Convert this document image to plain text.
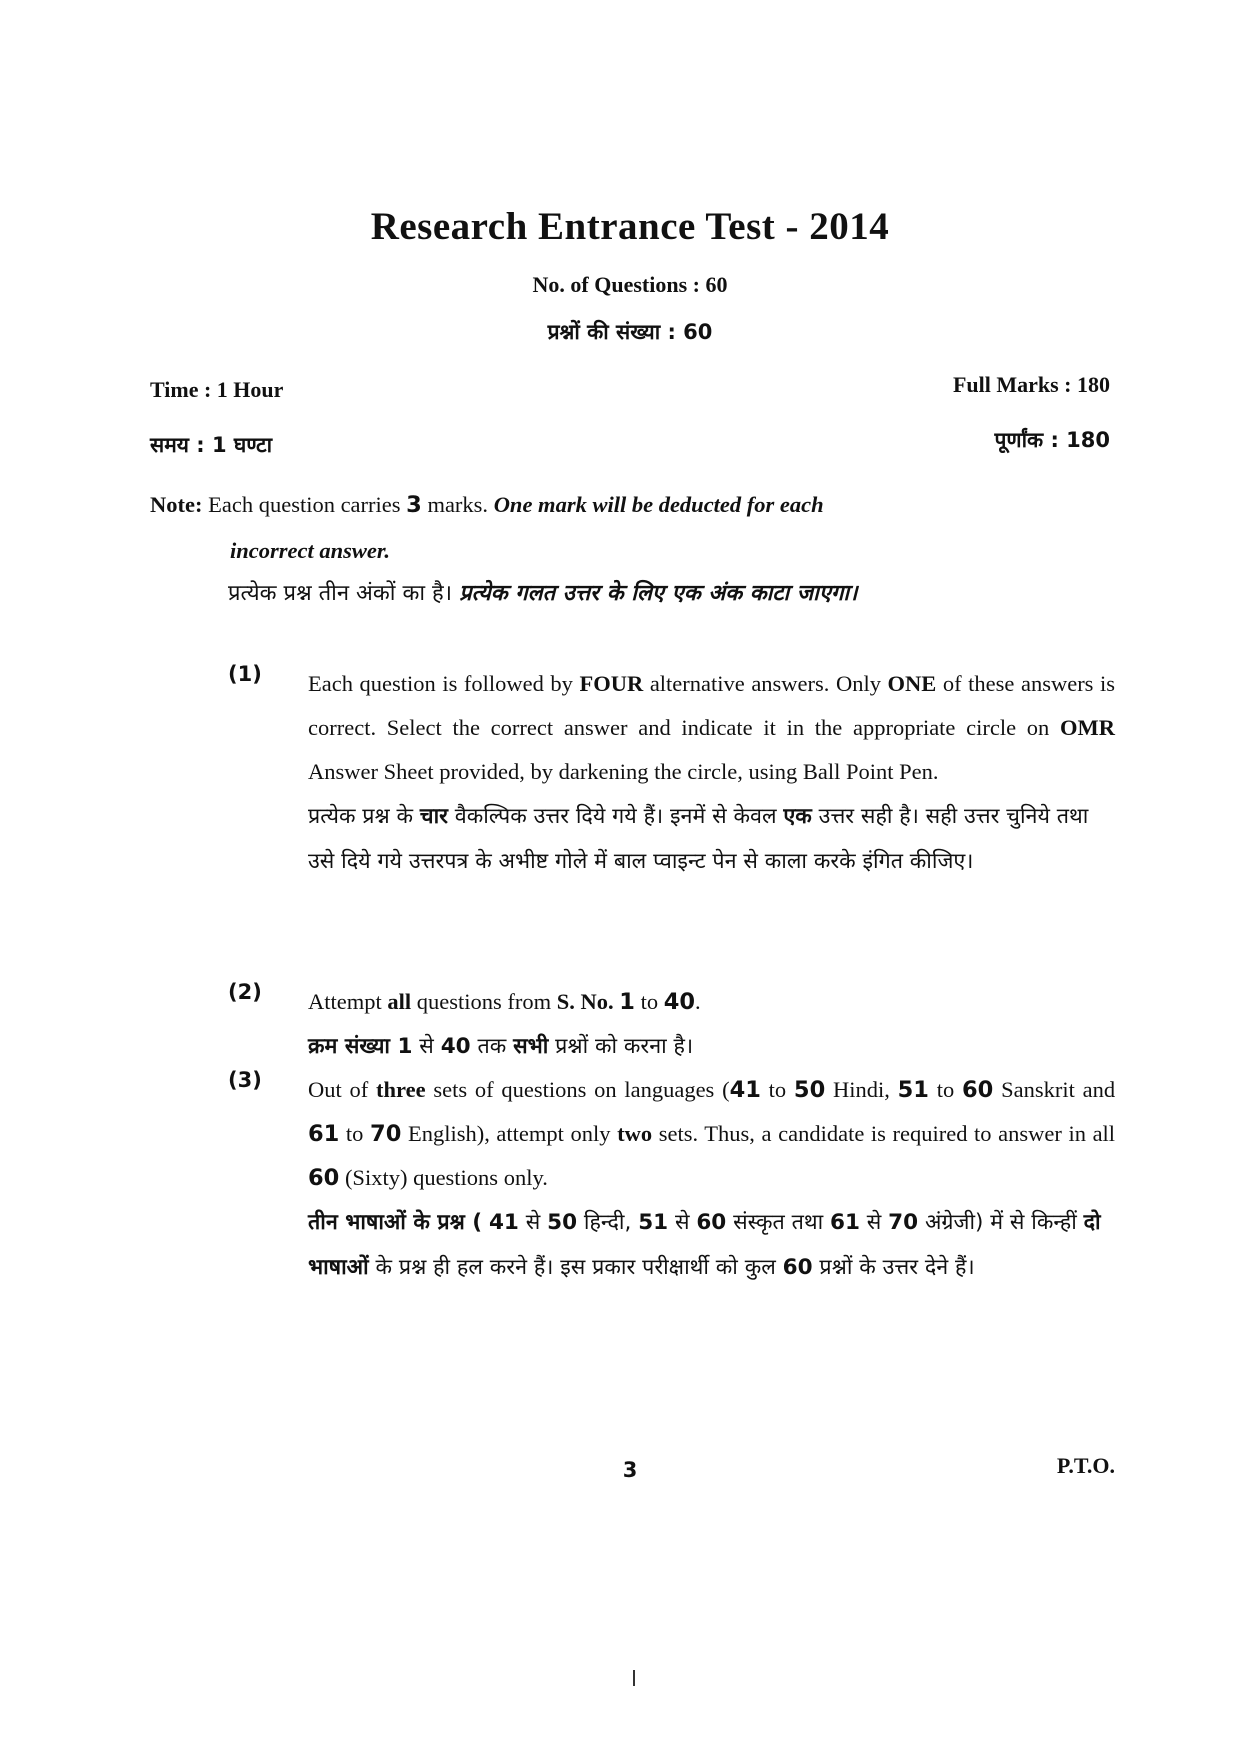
Research Entrance Test - 2014
No. of Questions : 60
प्रश्नों की संख्या : 60
Time : 1 Hour	Full Marks : 180
समय : 1 घण्टा	पूर्णांक : 180
Note: Each question carries 3 marks. One mark will be deducted for each
incorrect answer.
प्रत्येक प्रश्न तीन अंकों का है। प्रत्येक गलत उत्तर के लिए एक अंक काटा जाएगा।
(1) Each question is followed by FOUR alternative answers. Only ONE of these answers is correct. Select the correct answer and indicate it in the appropriate circle on OMR Answer Sheet provided, by darkening the circle, using Ball Point Pen.
प्रत्येक प्रश्न के चार वैकल्पिक उत्तर दिये गये हैं। इनमें से केवल एक उत्तर सही है। सही उत्तर चुनिये तथा उसे दिये गये उत्तरपत्र के अभीष्ट गोले में बाल प्वाइन्ट पेन से काला करके इंगित कीजिए।
(2) Attempt all questions from S. No. 1 to 40.
क्रम संख्या 1 से 40 तक सभी प्रश्नों को करना है।
(3) Out of three sets of questions on languages (41 to 50 Hindi, 51 to 60 Sanskrit and 61 to 70 English), attempt only two sets. Thus, a candidate is required to answer in all 60 (Sixty) questions only.
तीन भाषाओं के प्रश्न ( 41 से 50 हिन्दी, 51 से 60 संस्कृत तथा 61 से 70 अंग्रेजी) में से किन्हीं दो भाषाओं के प्रश्न ही हल करने हैं। इस प्रकार परीक्षार्थी को कुल 60 प्रश्नों के उत्तर देने हैं।
3	P.T.O.
